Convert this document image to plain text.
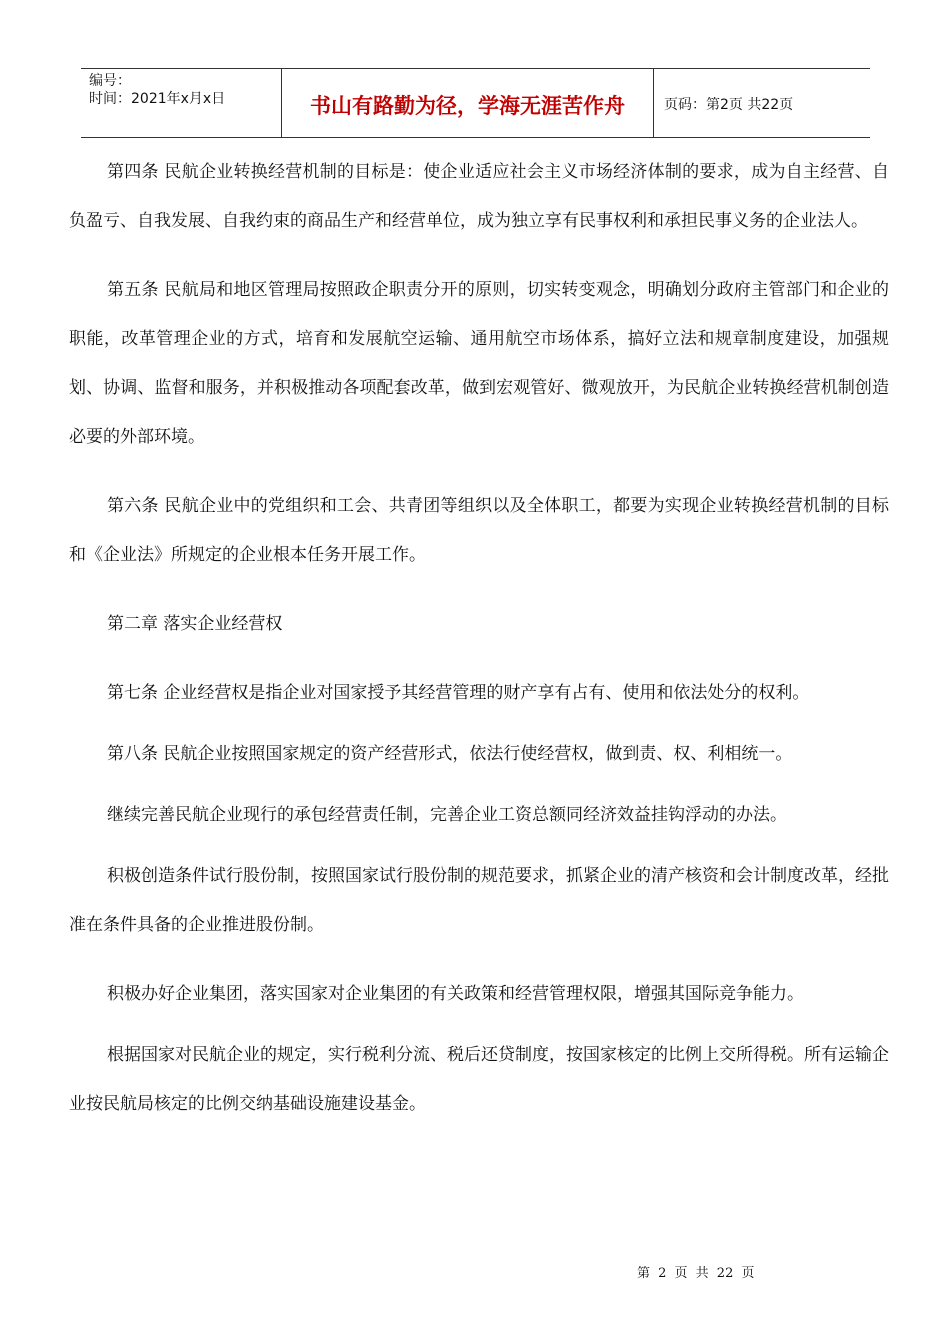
编号：
时间：2021年x月x日	书山有路勤为径，学海无涯苦作舟	页码：第2页 共22页

第四条 民航企业转换经营机制的目标是：使企业适应社会主义市场经济体制的要求，成为自主经营、自负盈亏、自我发展、自我约束的商品生产和经营单位，成为独立享有民事权利和承担民事义务的企业法人。

第五条 民航局和地区管理局按照政企职责分开的原则，切实转变观念，明确划分政府主管部门和企业的职能，改革管理企业的方式，培育和发展航空运输、通用航空市场体系，搞好立法和规章制度建设，加强规划、协调、监督和服务，并积极推动各项配套改革，做到宏观管好、微观放开，为民航企业转换经营机制创造必要的外部环境。

第六条 民航企业中的党组织和工会、共青团等组织以及全体职工，都要为实现企业转换经营机制的目标和《企业法》所规定的企业根本任务开展工作。

第二章 落实企业经营权

第七条 企业经营权是指企业对国家授予其经营管理的财产享有占有、使用和依法处分的权利。

第八条 民航企业按照国家规定的资产经营形式，依法行使经营权，做到责、权、利相统一。

继续完善民航企业现行的承包经营责任制，完善企业工资总额同经济效益挂钩浮动的办法。

积极创造条件试行股份制，按照国家试行股份制的规范要求，抓紧企业的清产核资和会计制度改革，经批准在条件具备的企业推进股份制。

积极办好企业集团，落实国家对企业集团的有关政策和经营管理权限，增强其国际竞争能力。

根据国家对民航企业的规定，实行税利分流、税后还贷制度，按国家核定的比例上交所得税。所有运输企业按民航局核定的比例交纳基础设施建设基金。

第 2 页 共 22 页
